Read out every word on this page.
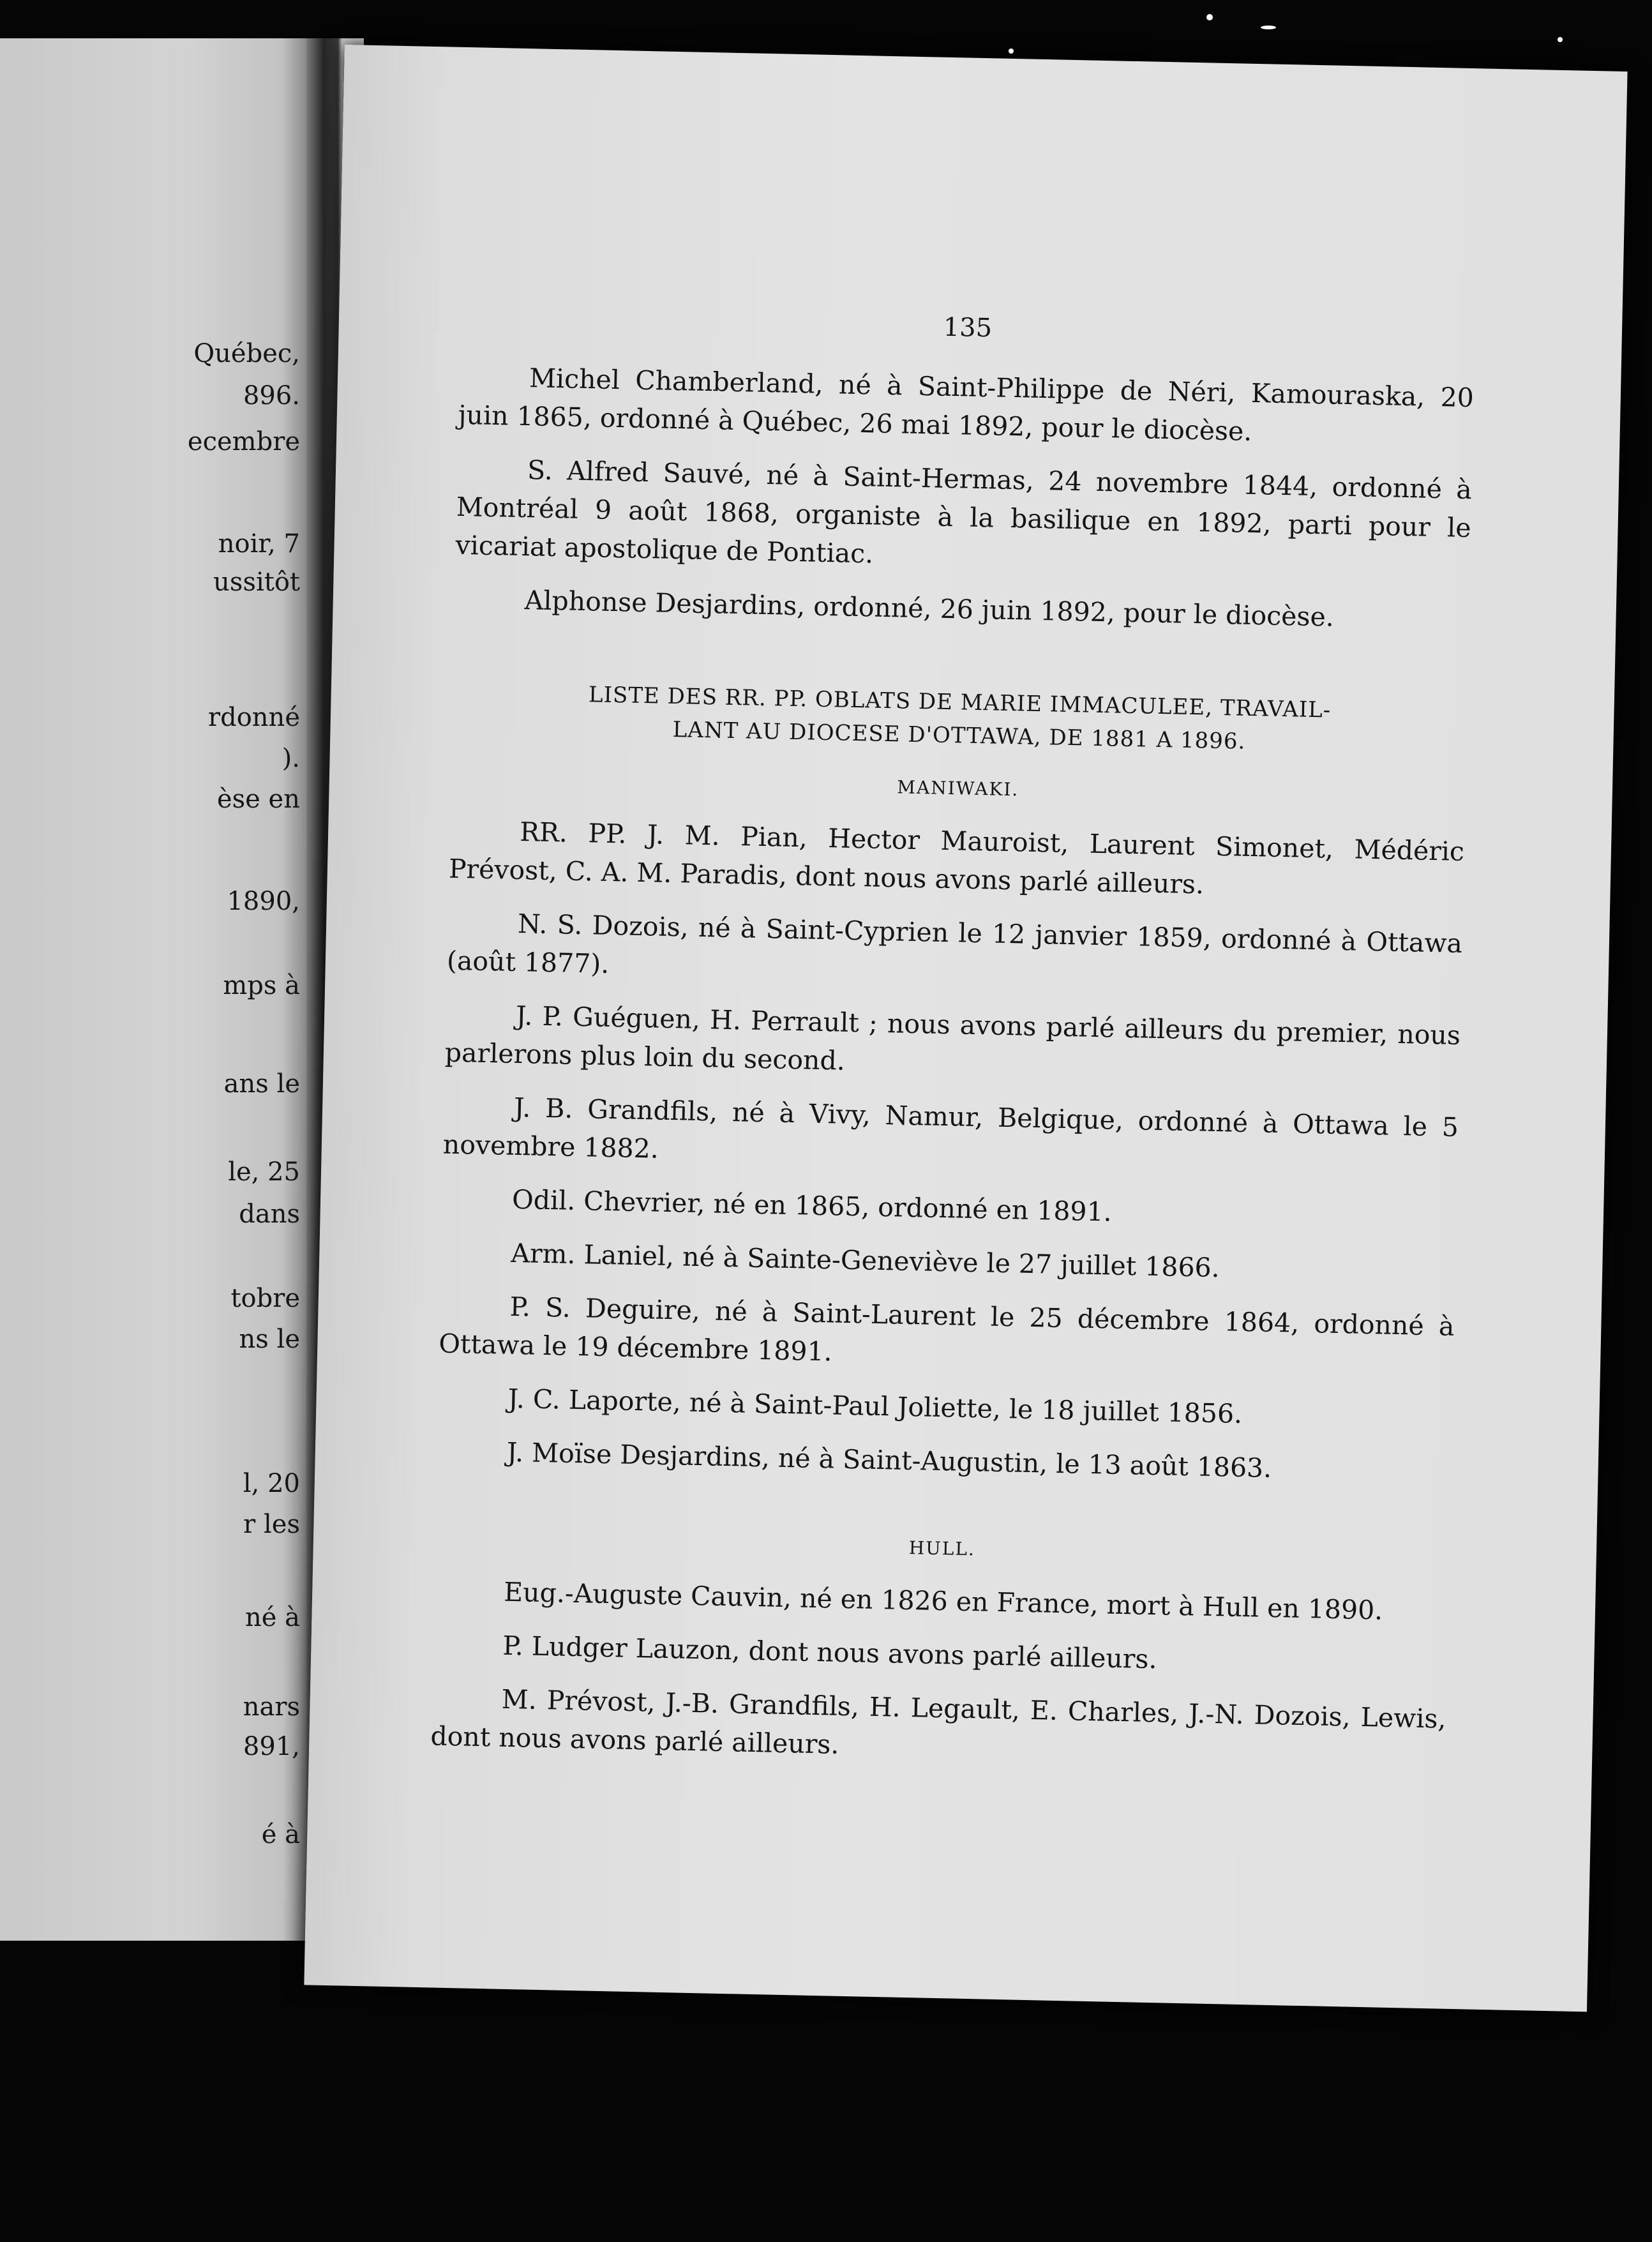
Québec,
896.
ecembre
noir, 7
ussitôt
rdonné
).
èse en
1890,
mps à
ans le
le, 25
dans
tobre
ns le
l, 20
r les
né à
nars
891,
é à
135

Michel Chamberland, né à Saint-Philippe de Néri, Kamouraska, 20 juin 1865, ordonné à Québec, 26 mai 1892, pour le diocèse.

S. Alfred Sauvé, né à Saint-Hermas, 24 novembre 1844, ordonné à Montréal 9 août 1868, organiste à la basilique en 1892, parti pour le vicariat apostolique de Pontiac.

Alphonse Desjardins, ordonné, 26 juin 1892, pour le diocèse.

LISTE DES RR. PP. OBLATS DE MARIE IMMACULEE, TRAVAIL-
LANT AU DIOCESE D'OTTAWA, DE 1881 A 1896.
MANIWAKI.

RR. PP. J. M. Pian, Hector Mauroist, Laurent Simonet, Médéric Prévost, C. A. M. Paradis, dont nous avons parlé ailleurs.

N. S. Dozois, né à Saint-Cyprien le 12 janvier 1859, ordonné à Ottawa (août 1877).

J. P. Guéguen, H. Perrault ; nous avons parlé ailleurs du premier, nous parlerons plus loin du second.

J. B. Grandfils, né à Vivy, Namur, Belgique, ordonné à Ottawa le 5 novembre 1882.

Odil. Chevrier, né en 1865, ordonné en 1891.

Arm. Laniel, né à Sainte-Geneviève le 27 juillet 1866.

P. S. Deguire, né à Saint-Laurent le 25 décembre 1864, ordonné à Ottawa le 19 décembre 1891.

J. C. Laporte, né à Saint-Paul Joliette, le 18 juillet 1856.

J. Moïse Desjardins, né à Saint-Augustin, le 13 août 1863.

HULL.

Eug.-Auguste Cauvin, né en 1826 en France, mort à Hull en 1890.

P. Ludger Lauzon, dont nous avons parlé ailleurs.

M. Prévost, J.-B. Grandfils, H. Legault, E. Charles, J.-N. Dozois, Lewis, dont nous avons parlé ailleurs.
